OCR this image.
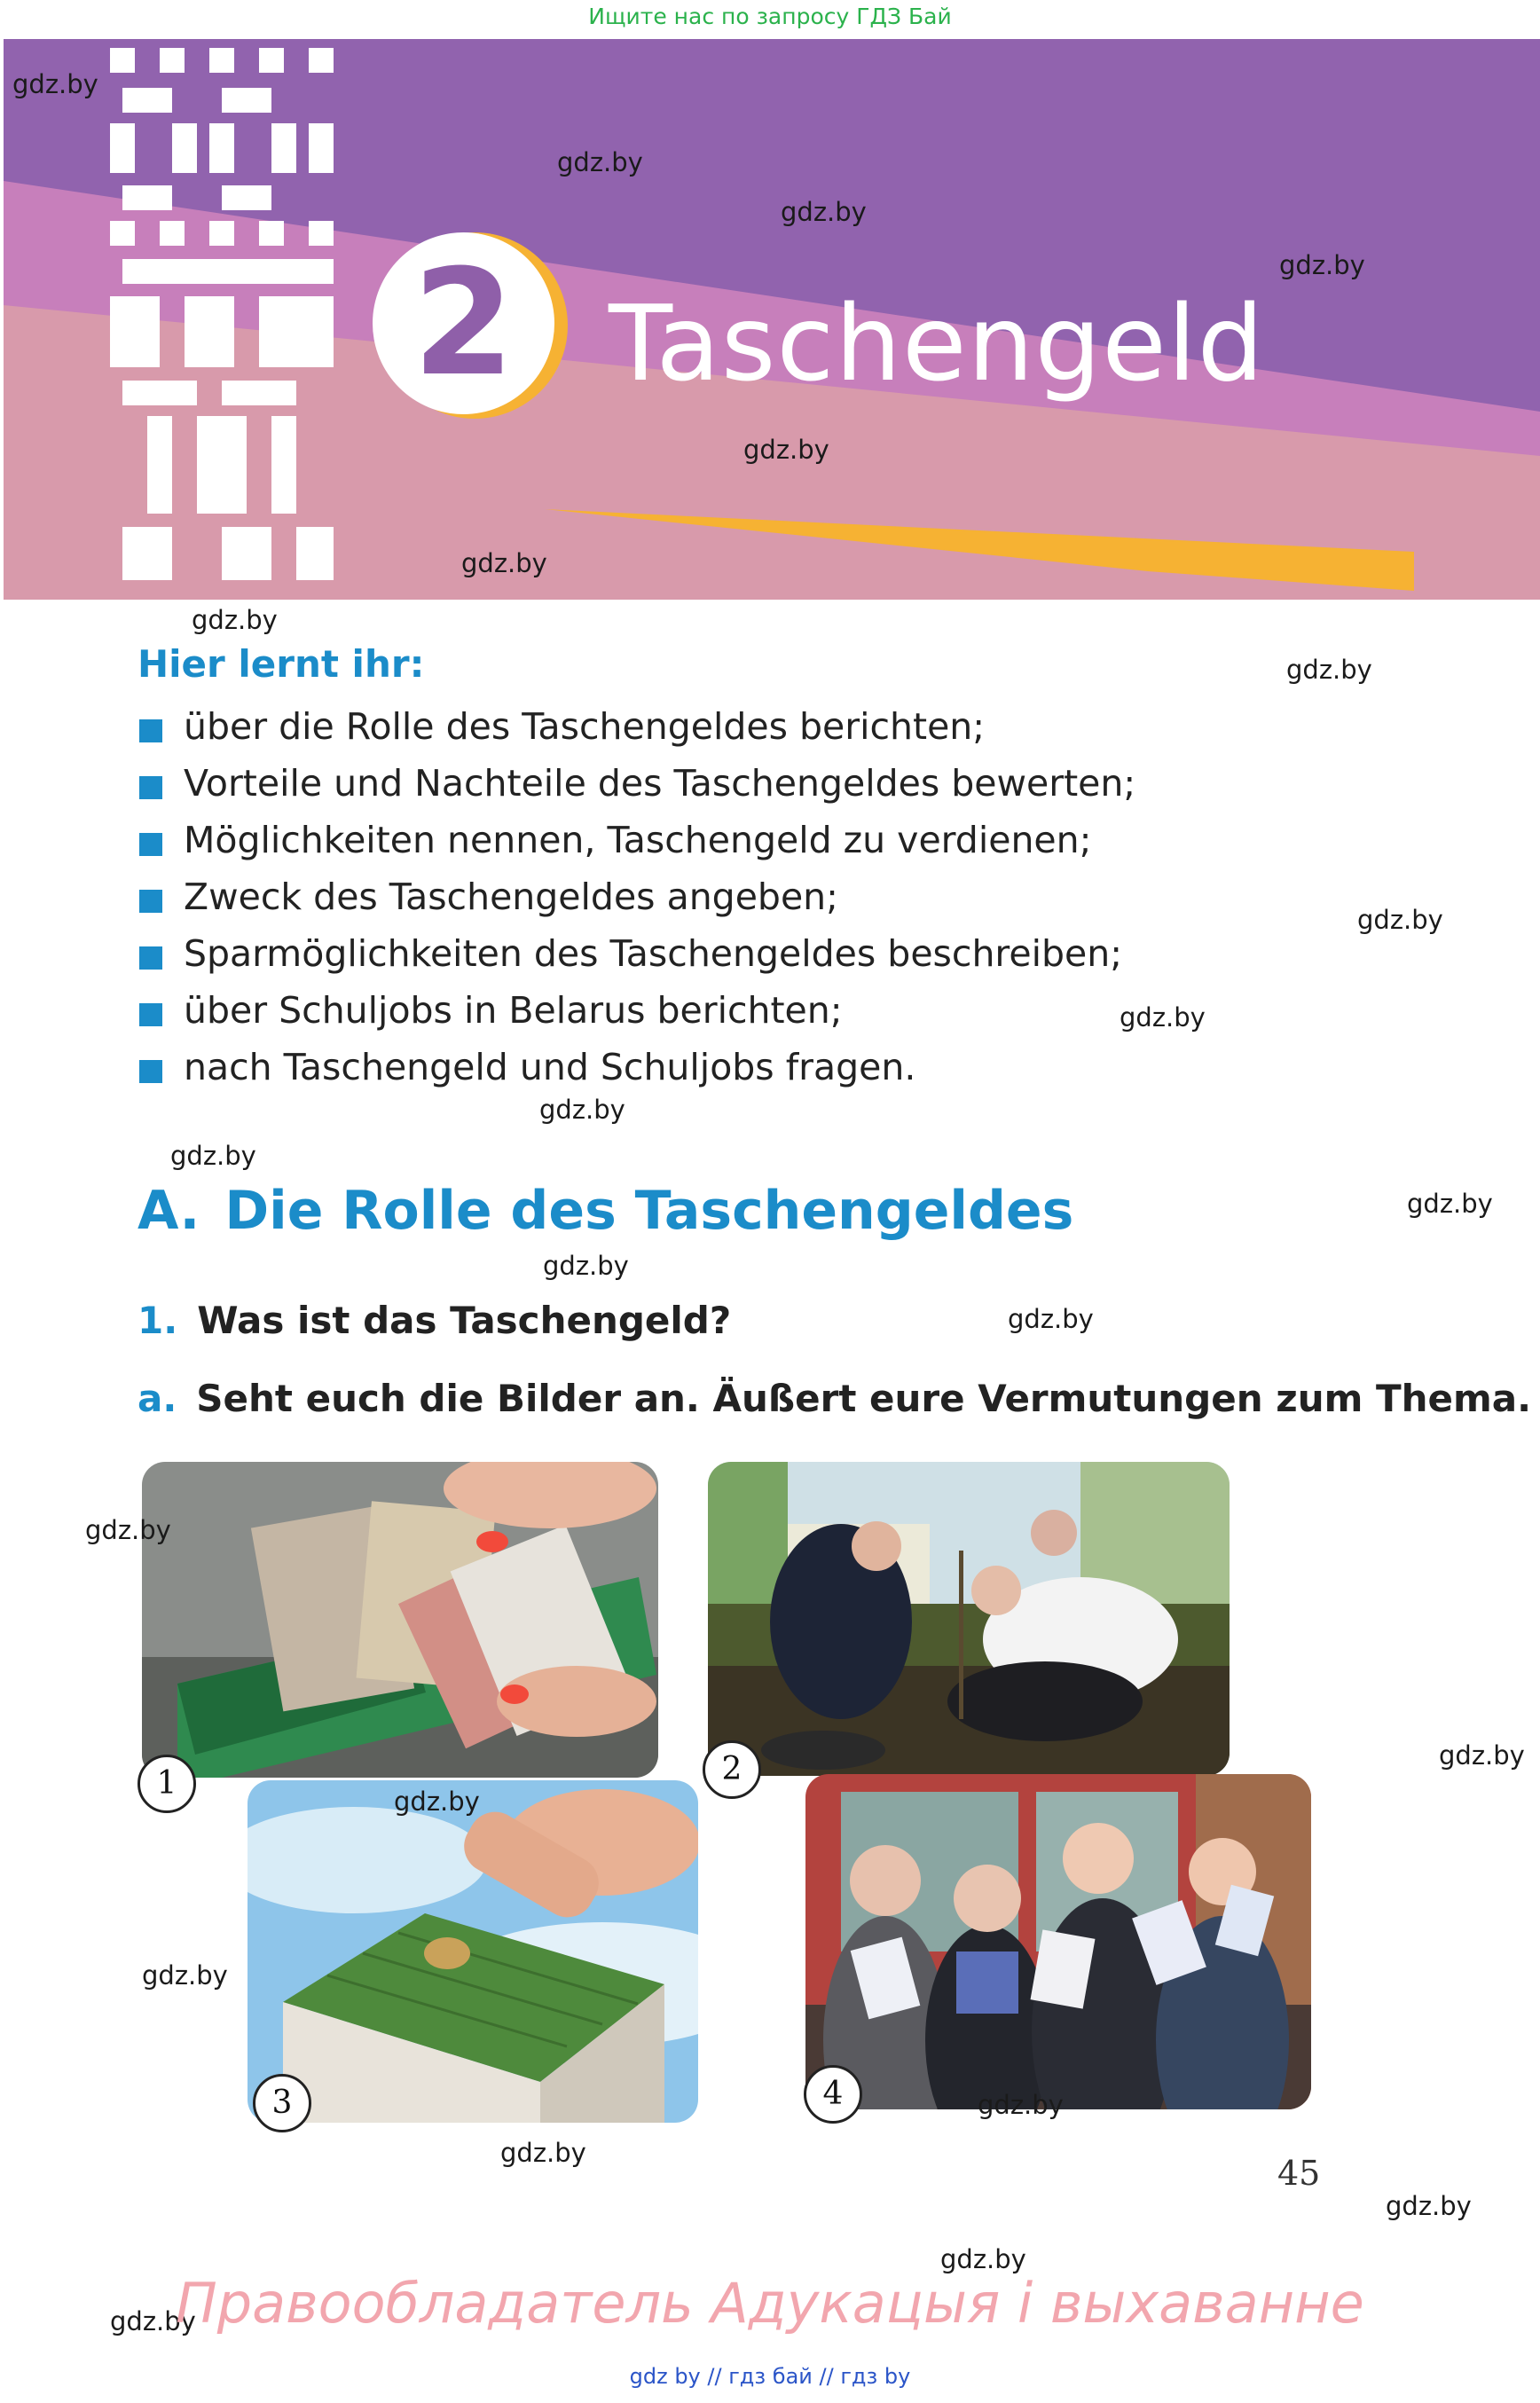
Ищите нас по запросу ГДЗ Бай
2 Taschengeld
Hier lernt ihr:
über die Rolle des Taschengeldes berichten;
Vorteile und Nachteile des Taschengeldes bewerten;
Möglichkeiten nennen, Taschengeld zu verdienen;
Zweck des Taschengeldes angeben;
Sparmöglichkeiten des Taschengeldes beschreiben;
über Schuljobs in Belarus berichten;
nach Taschengeld und Schuljobs fragen.
A. Die Rolle des Taschengeldes
1. Was ist das Taschengeld?
a. Seht euch die Bilder an. Äußert eure Vermutungen zum Thema.
1	2
3	4
45
gdz.by
gdz.by
gdz.by
gdz.by
gdz.by
gdz.by
gdz.by
gdz.by
gdz.by
gdz.by
gdz.by
gdz.by
gdz.by
gdz.by
gdz.by
gdz.by
gdz.by
gdz.by
gdz.by
gdz.by
gdz.by
gdz.by
gdz.by
gdz.by
Правообладатель Адукацыя і выхаванне
gdz by // гдз бай // гдз by
